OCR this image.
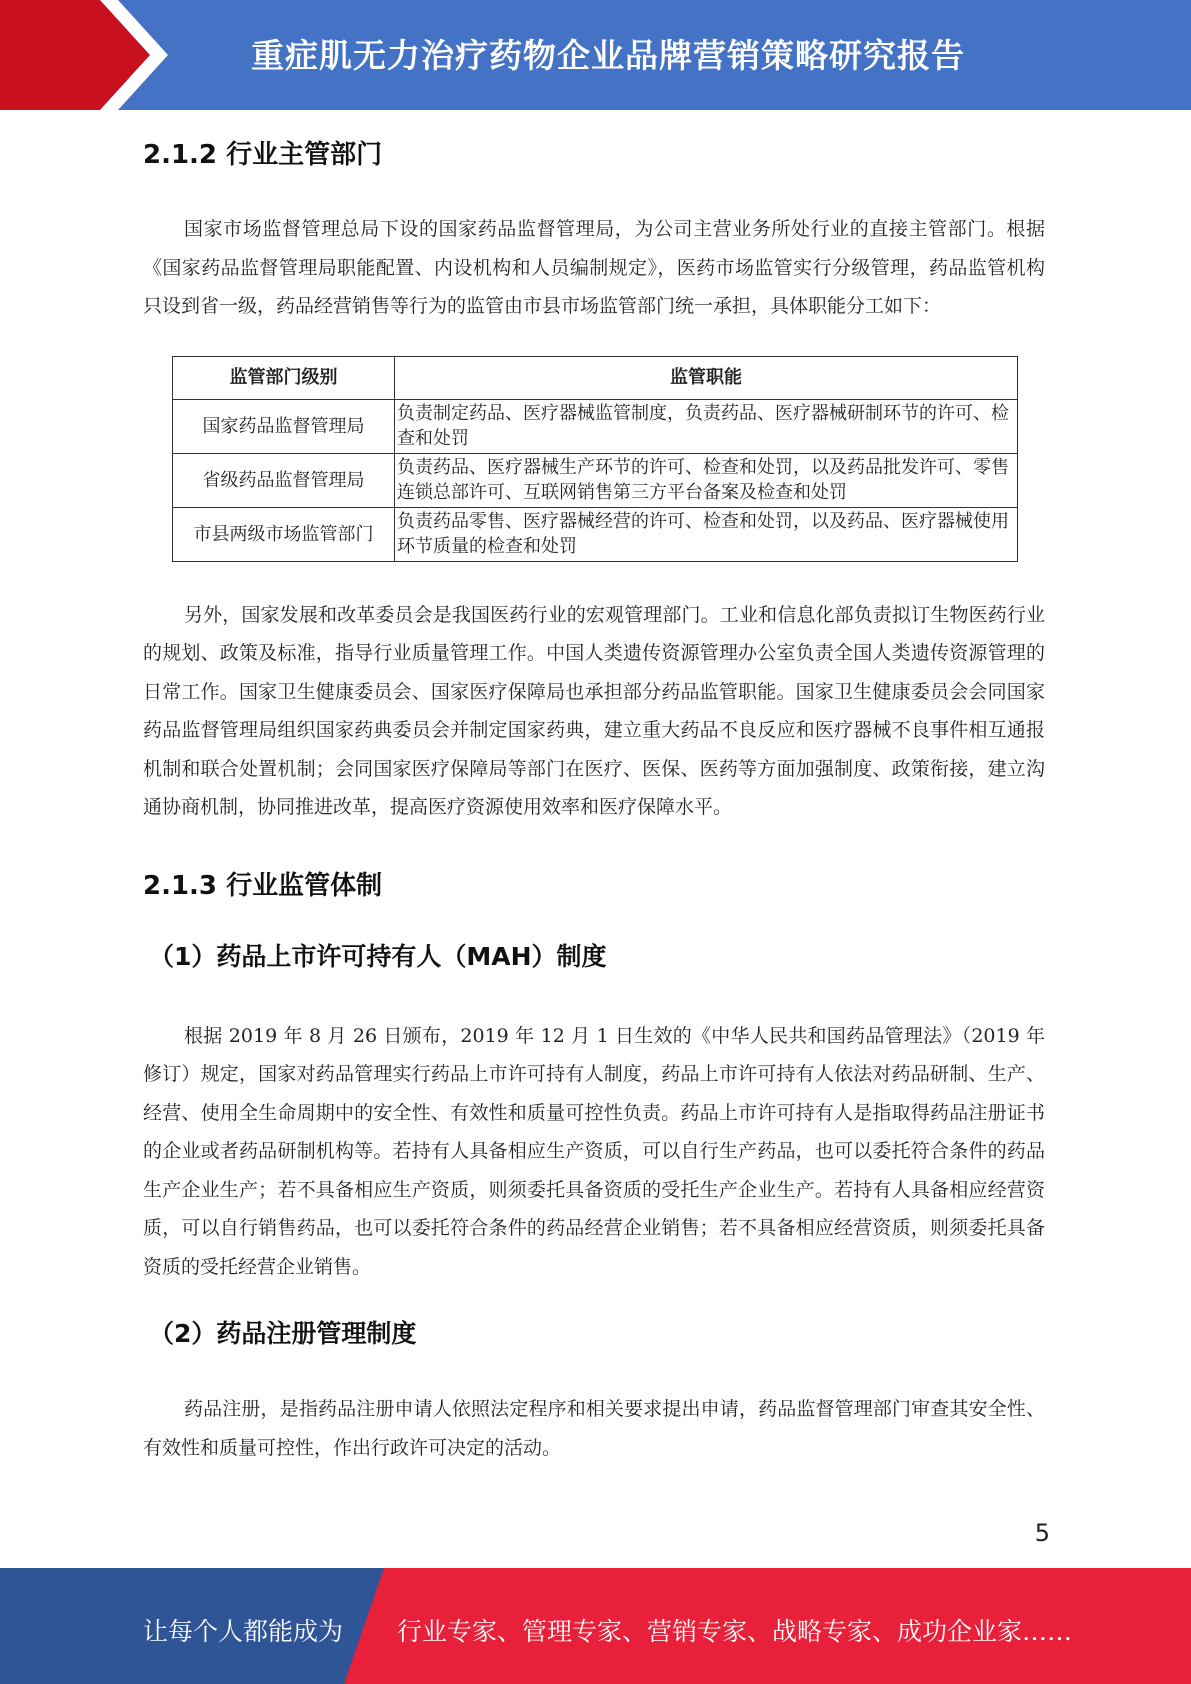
重症肌无力治疗药物企业品牌营销策略研究报告
2.1.2 行业主管部门

国家市场监督管理总局下设的国家药品监督管理局，为公司主营业务所处行业的直接主管部门。根据《国家药品监督管理局职能配置、内设机构和人员编制规定》，医药市场监管实行分级管理，药品监管机构只设到省一级，药品经营销售等行为的监管由市县市场监管部门统一承担，具体职能分工如下：

监管部门级别	监管职能
国家药品监督管理局	负责制定药品、医疗器械监管制度，负责药品、医疗器械研制环节的许可、检查和处罚
省级药品监督管理局	负责药品、医疗器械生产环节的许可、检查和处罚，以及药品批发许可、零售连锁总部许可、互联网销售第三方平台备案及检查和处罚
市县两级市场监管部门	负责药品零售、医疗器械经营的许可、检查和处罚，以及药品、医疗器械使用环节质量的检查和处罚

另外，国家发展和改革委员会是我国医药行业的宏观管理部门。工业和信息化部负责拟订生物医药行业的规划、政策及标准，指导行业质量管理工作。中国人类遗传资源管理办公室负责全国人类遗传资源管理的日常工作。国家卫生健康委员会、国家医疗保障局也承担部分药品监管职能。国家卫生健康委员会会同国家药品监督管理局组织国家药典委员会并制定国家药典，建立重大药品不良反应和医疗器械不良事件相互通报机制和联合处置机制；会同国家医疗保障局等部门在医疗、医保、医药等方面加强制度、政策衔接，建立沟通协商机制，协同推进改革，提高医疗资源使用效率和医疗保障水平。

2.1.3 行业监管体制
（1）药品上市许可持有人（MAH）制度

根据 2019 年 8 月 26 日颁布，2019 年 12 月 1 日生效的《中华人民共和国药品管理法》（2019 年修订）规定，国家对药品管理实行药品上市许可持有人制度，药品上市许可持有人依法对药品研制、生产、经营、使用全生命周期中的安全性、有效性和质量可控性负责。药品上市许可持有人是指取得药品注册证书的企业或者药品研制机构等。若持有人具备相应生产资质，可以自行生产药品，也可以委托符合条件的药品生产企业生产；若不具备相应生产资质，则须委托具备资质的受托生产企业生产。若持有人具备相应经营资质，可以自行销售药品，也可以委托符合条件的药品经营企业销售；若不具备相应经营资质，则须委托具备资质的受托经营企业销售。

（2）药品注册管理制度

药品注册，是指药品注册申请人依照法定程序和相关要求提出申请，药品监督管理部门审查其安全性、有效性和质量可控性，作出行政许可决定的活动。

5
让每个人都能成为 行业专家、管理专家、营销专家、战略专家、成功企业家……
